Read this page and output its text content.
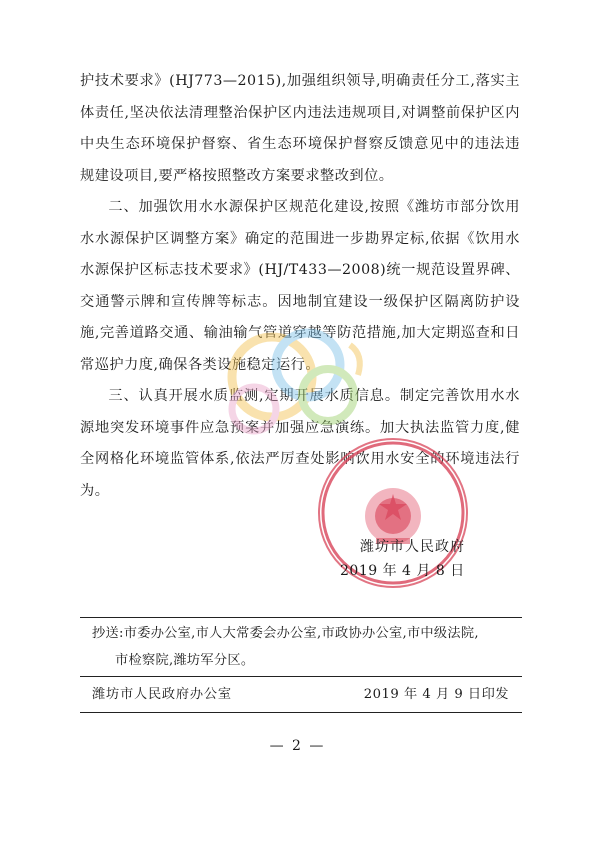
护技术要求》(HJ773—2015),加强组织领导,明确责任分工,落实主体责任,坚决依法清理整治保护区内违法违规项目,对调整前保护区内中央生态环境保护督察、省生态环境保护督察反馈意见中的违法违规建设项目,要严格按照整改方案要求整改到位。

二、加强饮用水水源保护区规范化建设,按照《潍坊市部分饮用水水源保护区调整方案》确定的范围进一步勘界定标,依据《饮用水水源保护区标志技术要求》(HJ/T433—2008)统一规范设置界碑、交通警示牌和宣传牌等标志。因地制宜建设一级保护区隔离防护设施,完善道路交通、输油输气管道穿越等防范措施,加大定期巡查和日常巡护力度,确保各类设施稳定运行。

三、认真开展水质监测,定期开展水质信息。制定完善饮用水水源地突发环境事件应急预案并加强应急演练。加大执法监管力度,健全网格化环境监管体系,依法严厉查处影响饮用水安全的环境违法行为。

潍坊市人民政府
2019 年 4 月 8 日
抄送:市委办公室,市人大常委会办公室,市政协办公室,市中级法院,
市检察院,潍坊军分区。
潍坊市人民政府办公室	2019 年 4 月 9 日印发
— 2 —
